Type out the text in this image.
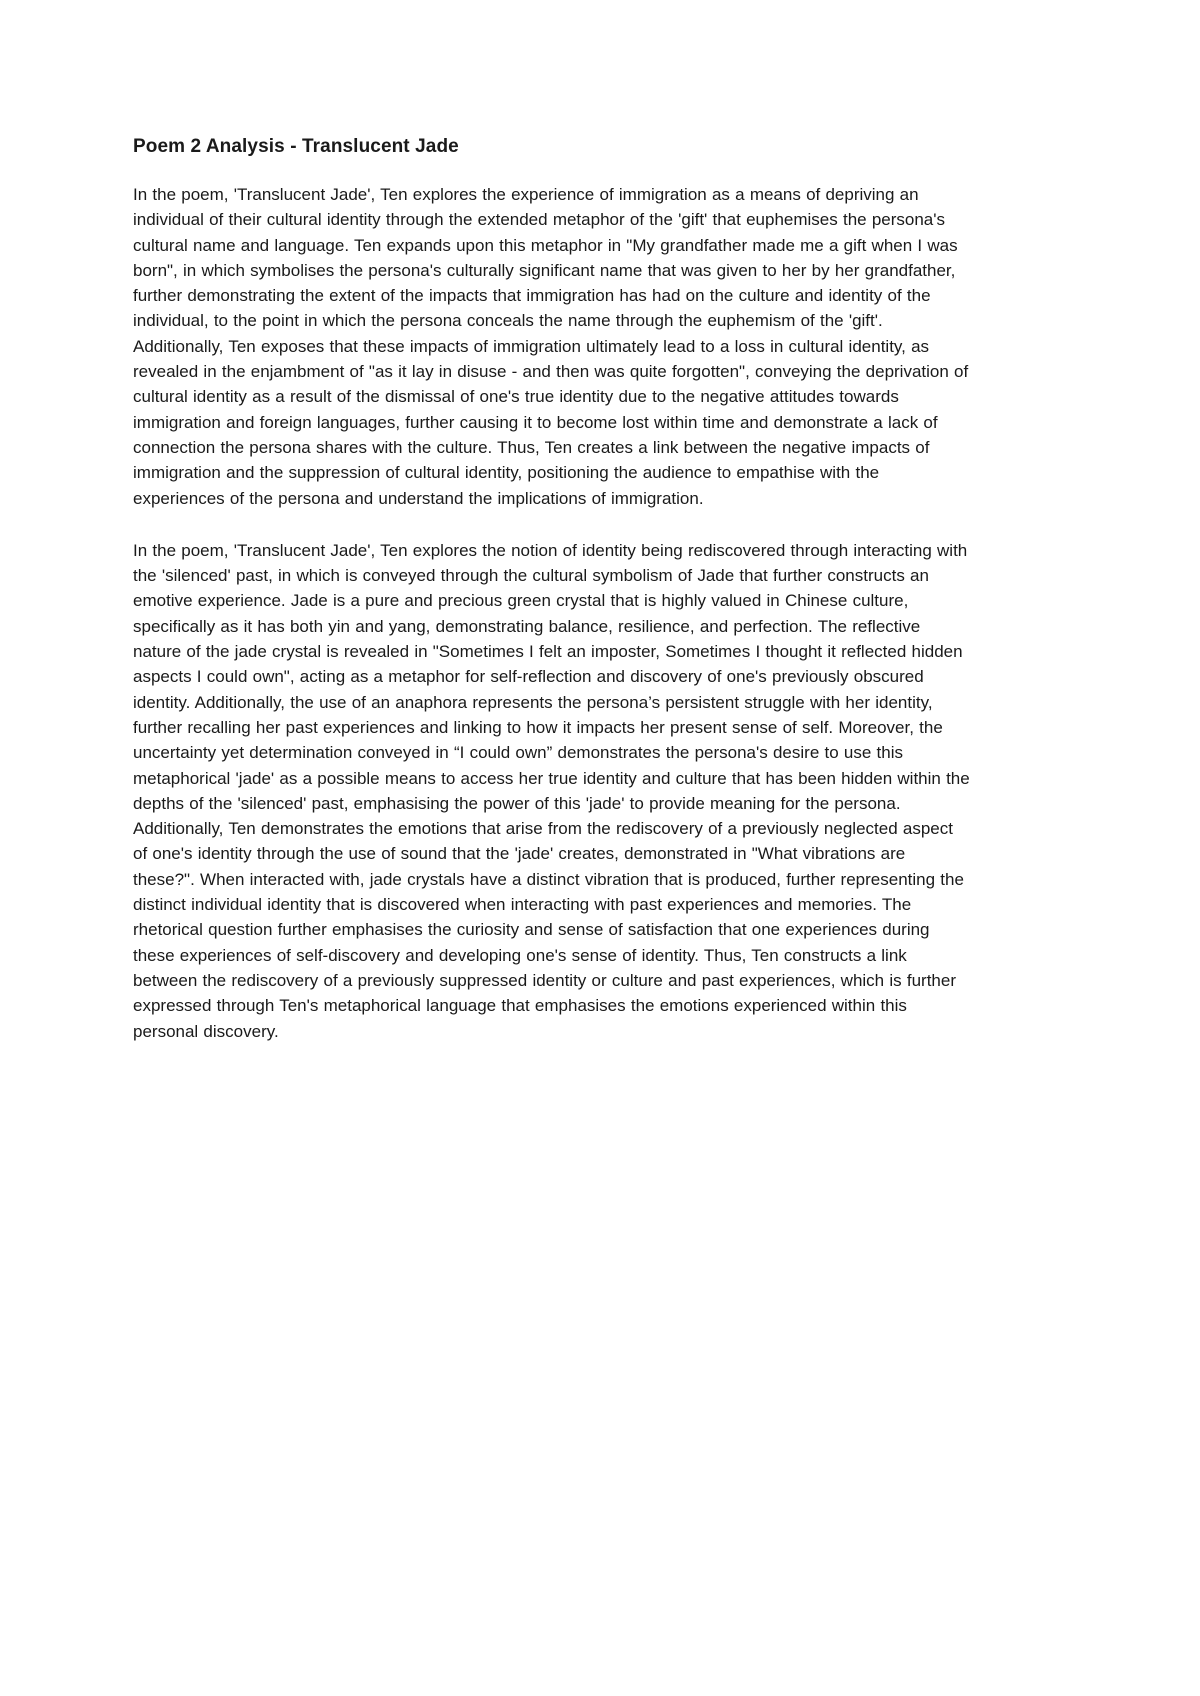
Poem 2 Analysis - Translucent Jade

In the poem, 'Translucent Jade', Ten explores the experience of immigration as a means of depriving an individual of their cultural identity through the extended metaphor of the 'gift' that euphemises the persona's cultural name and language. Ten expands upon this metaphor in "My grandfather made me a gift when I was born", in which symbolises the persona's culturally significant name that was given to her by her grandfather, further demonstrating the extent of the impacts that immigration has had on the culture and identity of the individual, to the point in which the persona conceals the name through the euphemism of the 'gift'. Additionally, Ten exposes that these impacts of immigration ultimately lead to a loss in cultural identity, as revealed in the enjambment of "as it lay in disuse - and then was quite forgotten", conveying the deprivation of cultural identity as a result of the dismissal of one's true identity due to the negative attitudes towards immigration and foreign languages, further causing it to become lost within time and demonstrate a lack of connection the persona shares with the culture. Thus, Ten creates a link between the negative impacts of immigration and the suppression of cultural identity, positioning the audience to empathise with the experiences of the persona and understand the implications of immigration.

In the poem, 'Translucent Jade', Ten explores the notion of identity being rediscovered through interacting with the 'silenced' past, in which is conveyed through the cultural symbolism of Jade that further constructs an emotive experience. Jade is a pure and precious green crystal that is highly valued in Chinese culture, specifically as it has both yin and yang, demonstrating balance, resilience, and perfection. The reflective nature of the jade crystal is revealed in "Sometimes I felt an imposter, Sometimes I thought it reflected hidden aspects I could own", acting as a metaphor for self-reflection and discovery of one's previously obscured identity. Additionally, the use of an anaphora represents the persona’s persistent struggle with her identity, further recalling her past experiences and linking to how it impacts her present sense of self. Moreover, the uncertainty yet determination conveyed in “I could own” demonstrates the persona's desire to use this metaphorical 'jade' as a possible means to access her true identity and culture that has been hidden within the depths of the 'silenced' past, emphasising the power of this 'jade' to provide meaning for the persona. Additionally, Ten demonstrates the emotions that arise from the rediscovery of a previously neglected aspect of one's identity through the use of sound that the 'jade' creates, demonstrated in "What vibrations are these?". When interacted with, jade crystals have a distinct vibration that is produced, further representing the distinct individual identity that is discovered when interacting with past experiences and memories. The rhetorical question further emphasises the curiosity and sense of satisfaction that one experiences during these experiences of self-discovery and developing one's sense of identity. Thus, Ten constructs a link between the rediscovery of a previously suppressed identity or culture and past experiences, which is further expressed through Ten's metaphorical language that emphasises the emotions experienced within this personal discovery.
